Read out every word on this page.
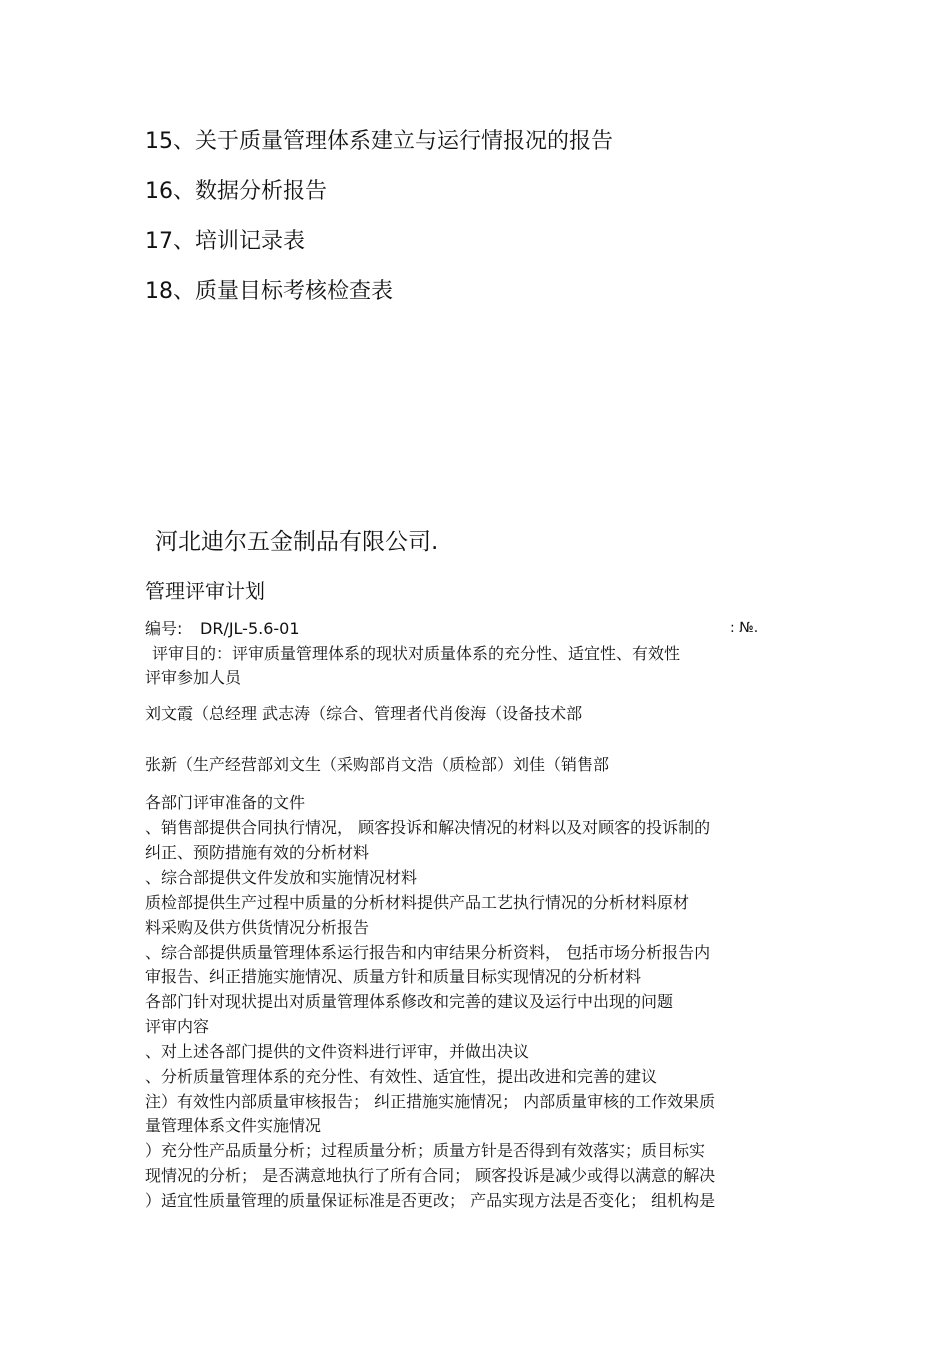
15、关于质量管理体系建立与运行情报况的报告
16、数据分析报告
17、培训记录表
18、质量目标考核检查表
河北迪尔五金制品有限公司.
管理评审计划
编号: DR/JL-5.6-01	: №.
评审目的：评审质量管理体系的现状对质量体系的充分性、适宜性、有效性
评审参加人员
刘文霞（总经理 武志涛（综合、管理者代肖俊海（设备技术部
张新（生产经营部刘文生（采购部肖文浩（质检部）刘佳（销售部
各部门评审准备的文件
、销售部提供合同执行情况， 顾客投诉和解决情况的材料以及对顾客的投诉制的
纠正、预防措施有效的分析材料
、综合部提供文件发放和实施情况材料
质检部提供生产过程中质量的分析材料提供产品工艺执行情况的分析材料原材
料采购及供方供货情况分析报告
、综合部提供质量管理体系运行报告和内审结果分析资料， 包括市场分析报告内
审报告、纠正措施实施情况、质量方针和质量目标实现情况的分析材料
各部门针对现状提出对质量管理体系修改和完善的建议及运行中出现的问题
评审内容
、对上述各部门提供的文件资料进行评审，并做出决议
、分析质量管理体系的充分性、有效性、适宜性，提出改进和完善的建议
注）有效性内部质量审核报告； 纠正措施实施情况； 内部质量审核的工作效果质
量管理体系文件实施情况
）充分性产品质量分析；过程质量分析；质量方针是否得到有效落实；质目标实
现情况的分析； 是否满意地执行了所有合同； 顾客投诉是减少或得以满意的解决
）适宜性质量管理的质量保证标准是否更改； 产品实现方法是否变化； 组机构是
